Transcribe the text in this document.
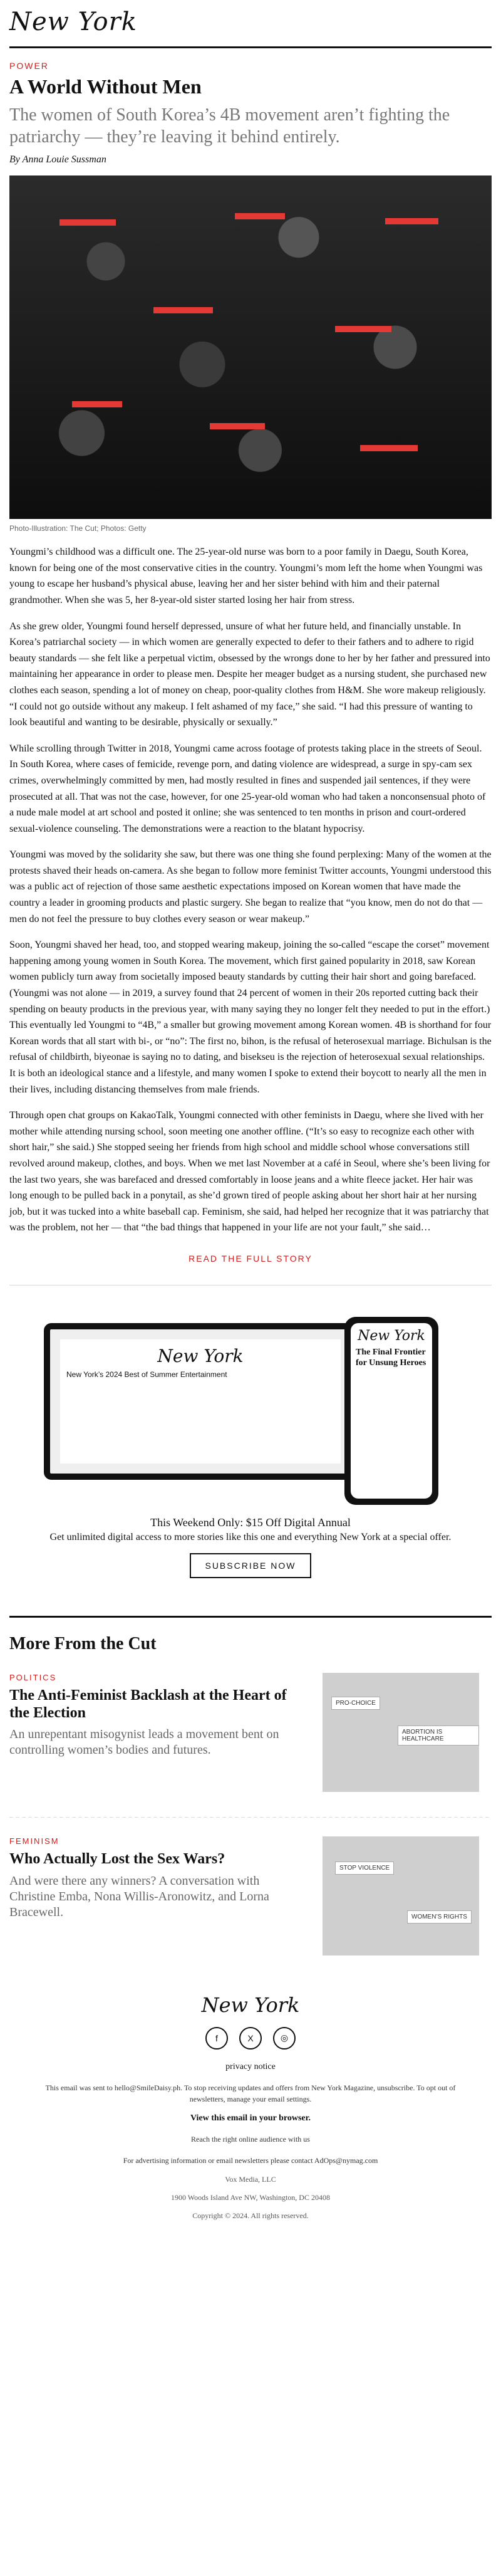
New York
POWER
A World Without Men
The women of South Korea’s 4B movement aren’t fighting the patriarchy — they’re leaving it behind entirely.
By Anna Louie Sussman
Photo-Illustration: The Cut; Photos: Getty

Youngmi’s childhood was a difficult one. The 25-year-old nurse was born to a poor family in Daegu, South Korea, known for being one of the most conservative cities in the country. Youngmi’s mom left the home when Youngmi was young to escape her husband’s physical abuse, leaving her and her sister behind with him and their paternal grandmother. When she was 5, her 8-year-old sister started losing her hair from stress.

As she grew older, Youngmi found herself depressed, unsure of what her future held, and financially unstable. In Korea’s patriarchal society — in which women are generally expected to defer to their fathers and to adhere to rigid beauty standards — she felt like a perpetual victim, obsessed by the wrongs done to her by her father and pressured into maintaining her appearance in order to please men. Despite her meager budget as a nursing student, she purchased new clothes each season, spending a lot of money on cheap, poor-quality clothes from H&M. She wore makeup religiously. “I could not go outside without any makeup. I felt ashamed of my face,” she said. “I had this pressure of wanting to look beautiful and wanting to be desirable, physically or sexually.”

While scrolling through Twitter in 2018, Youngmi came across footage of protests taking place in the streets of Seoul. In South Korea, where cases of femicide, revenge porn, and dating violence are widespread, a surge in spy-cam sex crimes, overwhelmingly committed by men, had mostly resulted in fines and suspended jail sentences, if they were prosecuted at all. That was not the case, however, for one 25-year-old woman who had taken a nonconsensual photo of a nude male model at art school and posted it online; she was sentenced to ten months in prison and court-ordered sexual-violence counseling. The demonstrations were a reaction to the blatant hypocrisy.

Youngmi was moved by the solidarity she saw, but there was one thing she found perplexing: Many of the women at the protests shaved their heads on-camera. As she began to follow more feminist Twitter accounts, Youngmi understood this was a public act of rejection of those same aesthetic expectations imposed on Korean women that have made the country a leader in grooming products and plastic surgery. She began to realize that “you know, men do not do that — men do not feel the pressure to buy clothes every season or wear makeup.”

Soon, Youngmi shaved her head, too, and stopped wearing makeup, joining the so-called “escape the corset” movement happening among young women in South Korea. The movement, which first gained popularity in 2018, saw Korean women publicly turn away from societally imposed beauty standards by cutting their hair short and going barefaced. (Youngmi was not alone — in 2019, a survey found that 24 percent of women in their 20s reported cutting back their spending on beauty products in the previous year, with many saying they no longer felt they needed to put in the effort.) This eventually led Youngmi to “4B,” a smaller but growing movement among Korean women. 4B is shorthand for four Korean words that all start with bi-, or “no”: The first no, bihon, is the refusal of heterosexual marriage. Bichulsan is the refusal of childbirth, biyeonae is saying no to dating, and bisekseu is the rejection of heterosexual sexual relationships. It is both an ideological stance and a lifestyle, and many women I spoke to extend their boycott to nearly all the men in their lives, including distancing themselves from male friends.

Through open chat groups on KakaoTalk, Youngmi connected with other feminists in Daegu, where she lived with her mother while attending nursing school, soon meeting one another offline. (“It’s so easy to recognize each other with short hair,” she said.) She stopped seeing her friends from high school and middle school whose conversations still revolved around makeup, clothes, and boys. When we met last November at a café in Seoul, where she’s been living for the last two years, she was barefaced and dressed comfortably in loose jeans and a white fleece jacket. Her hair was long enough to be pulled back in a ponytail, as she’d grown tired of people asking about her short hair at her nursing job, but it was tucked into a white baseball cap. Feminism, she said, had helped her recognize that it was patriarchy that was the problem, not her — that “the bad things that happened in your life are not your fault,” she said…

READ THE FULL STORY
New York
New York’s 2024 Best of Summer Entertainment
New York
The Final Frontier for Unsung Heroes
This Weekend Only: $15 Off Digital Annual
Get unlimited digital access to more stories like this one and everything New York at a special offer.
SUBSCRIBE NOW
More From the Cut
POLITICS
The Anti-Feminist Backlash at the Heart of the Election
An unrepentant misogynist leads a movement bent on controlling women’s bodies and futures.
PRO-CHOICE
ABORTION IS HEALTHCARE
FEMINISM
Who Actually Lost the Sex Wars?
And were there any winners? A conversation with Christine Emba, Nona Willis-Aronowitz, and Lorna Bracewell.
STOP VIOLENCE
WOMEN’S RIGHTS
New York
f	X	◎
privacy notice
This email was sent to hello@SmileDaisy.ph. To stop receiving updates and offers from New York Magazine, unsubscribe. To opt out of newsletters, manage your email settings.
View this email in your browser.
Reach the right online audience with us
For advertising information or email newsletters please contact AdOps@nymag.com
Vox Media, LLC
1900 Woods Island Ave NW, Washington, DC 20408
Copyright © 2024. All rights reserved.
